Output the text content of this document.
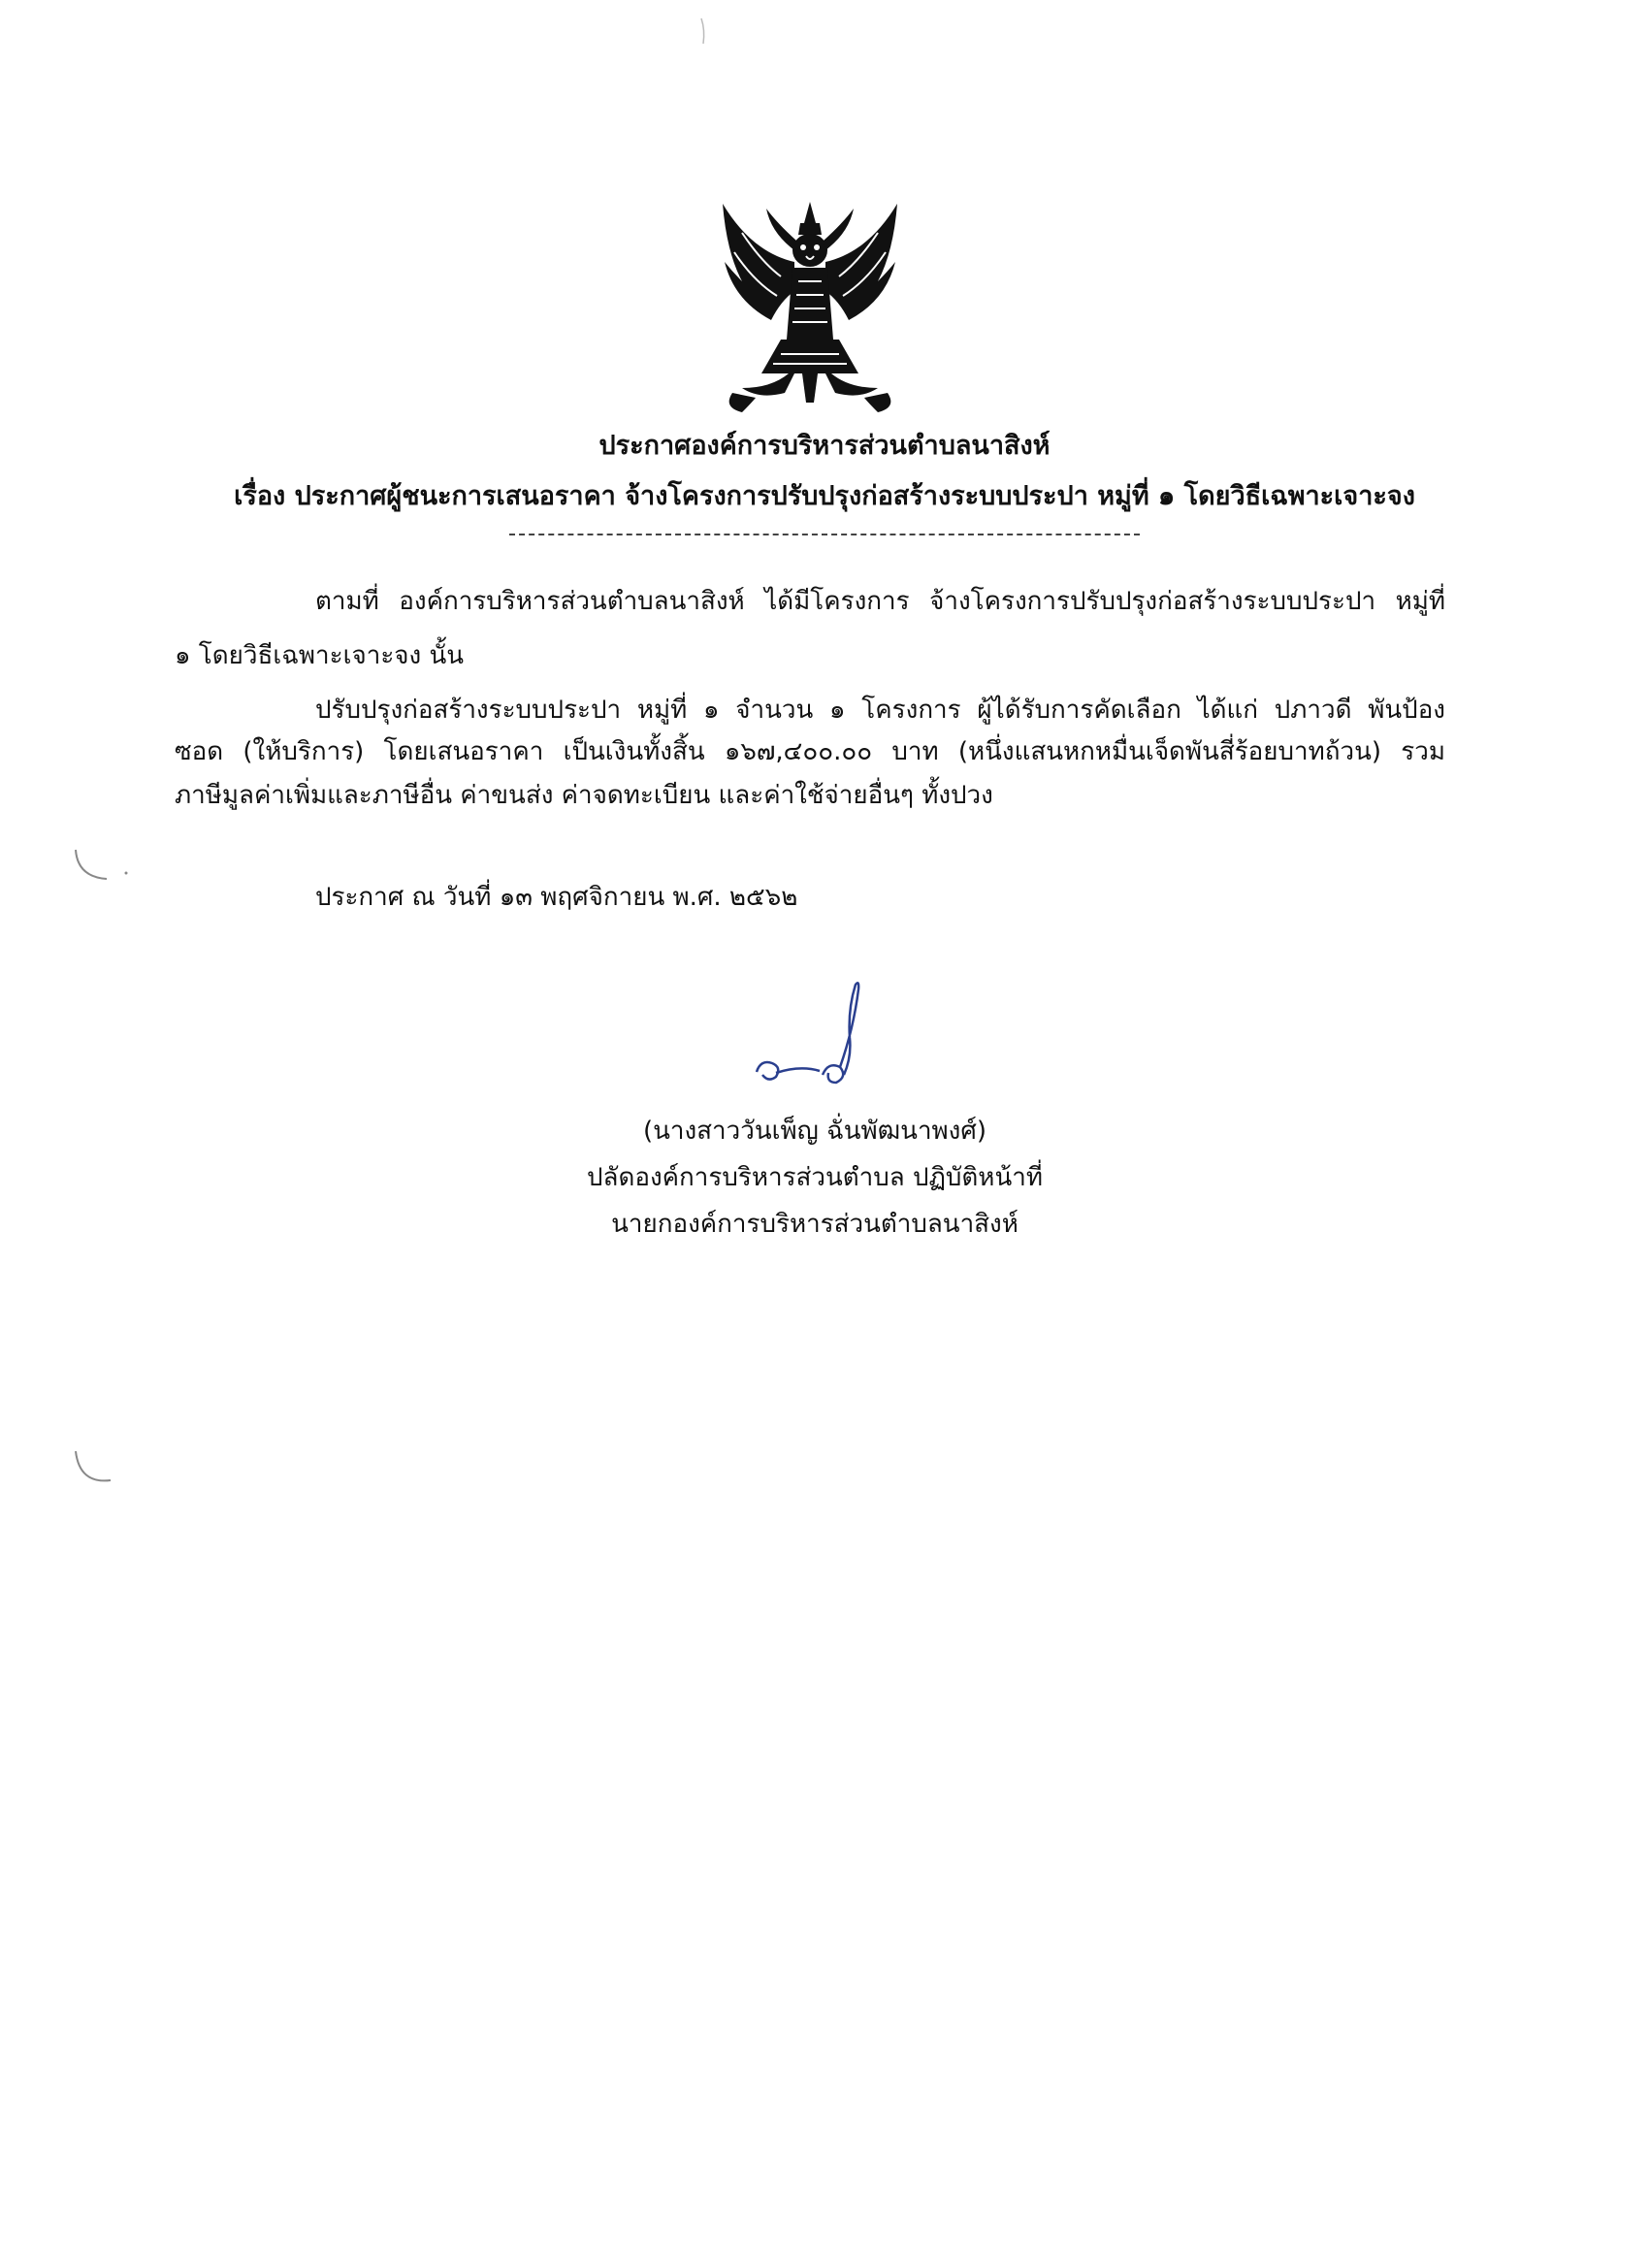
ประกาศองค์การบริหารส่วนตำบลนาสิงห์
เรื่อง ประกาศผู้ชนะการเสนอราคา จ้างโครงการปรับปรุงก่อสร้างระบบประปา หมู่ที่ ๑ โดยวิธีเฉพาะเจาะจง
ตามที่ องค์การบริหารส่วนตำบลนาสิงห์ ได้มีโครงการ จ้างโครงการปรับปรุงก่อสร้างระบบประปา หมู่ที่
๑ โดยวิธีเฉพาะเจาะจง นั้น
ปรับปรุงก่อสร้างระบบประปา หมู่ที่ ๑ จำนวน ๑ โครงการ ผู้ได้รับการคัดเลือก ได้แก่ ปภาวดี พันป้อง
ซอด (ให้บริการ) โดยเสนอราคา เป็นเงินทั้งสิ้น ๑๖๗,๔๐๐.๐๐ บาท (หนึ่งแสนหกหมื่นเจ็ดพันสี่ร้อยบาทถ้วน) รวม
ภาษีมูลค่าเพิ่มและภาษีอื่น ค่าขนส่ง ค่าจดทะเบียน และค่าใช้จ่ายอื่นๆ ทั้งปวง
ประกาศ ณ วันที่ ๑๓ พฤศจิกายน พ.ศ. ๒๕๖๒
(นางสาววันเพ็ญ ฉั่นพัฒนาพงศ์)
ปลัดองค์การบริหารส่วนตำบล ปฏิบัติหน้าที่
นายกองค์การบริหารส่วนตำบลนาสิงห์
